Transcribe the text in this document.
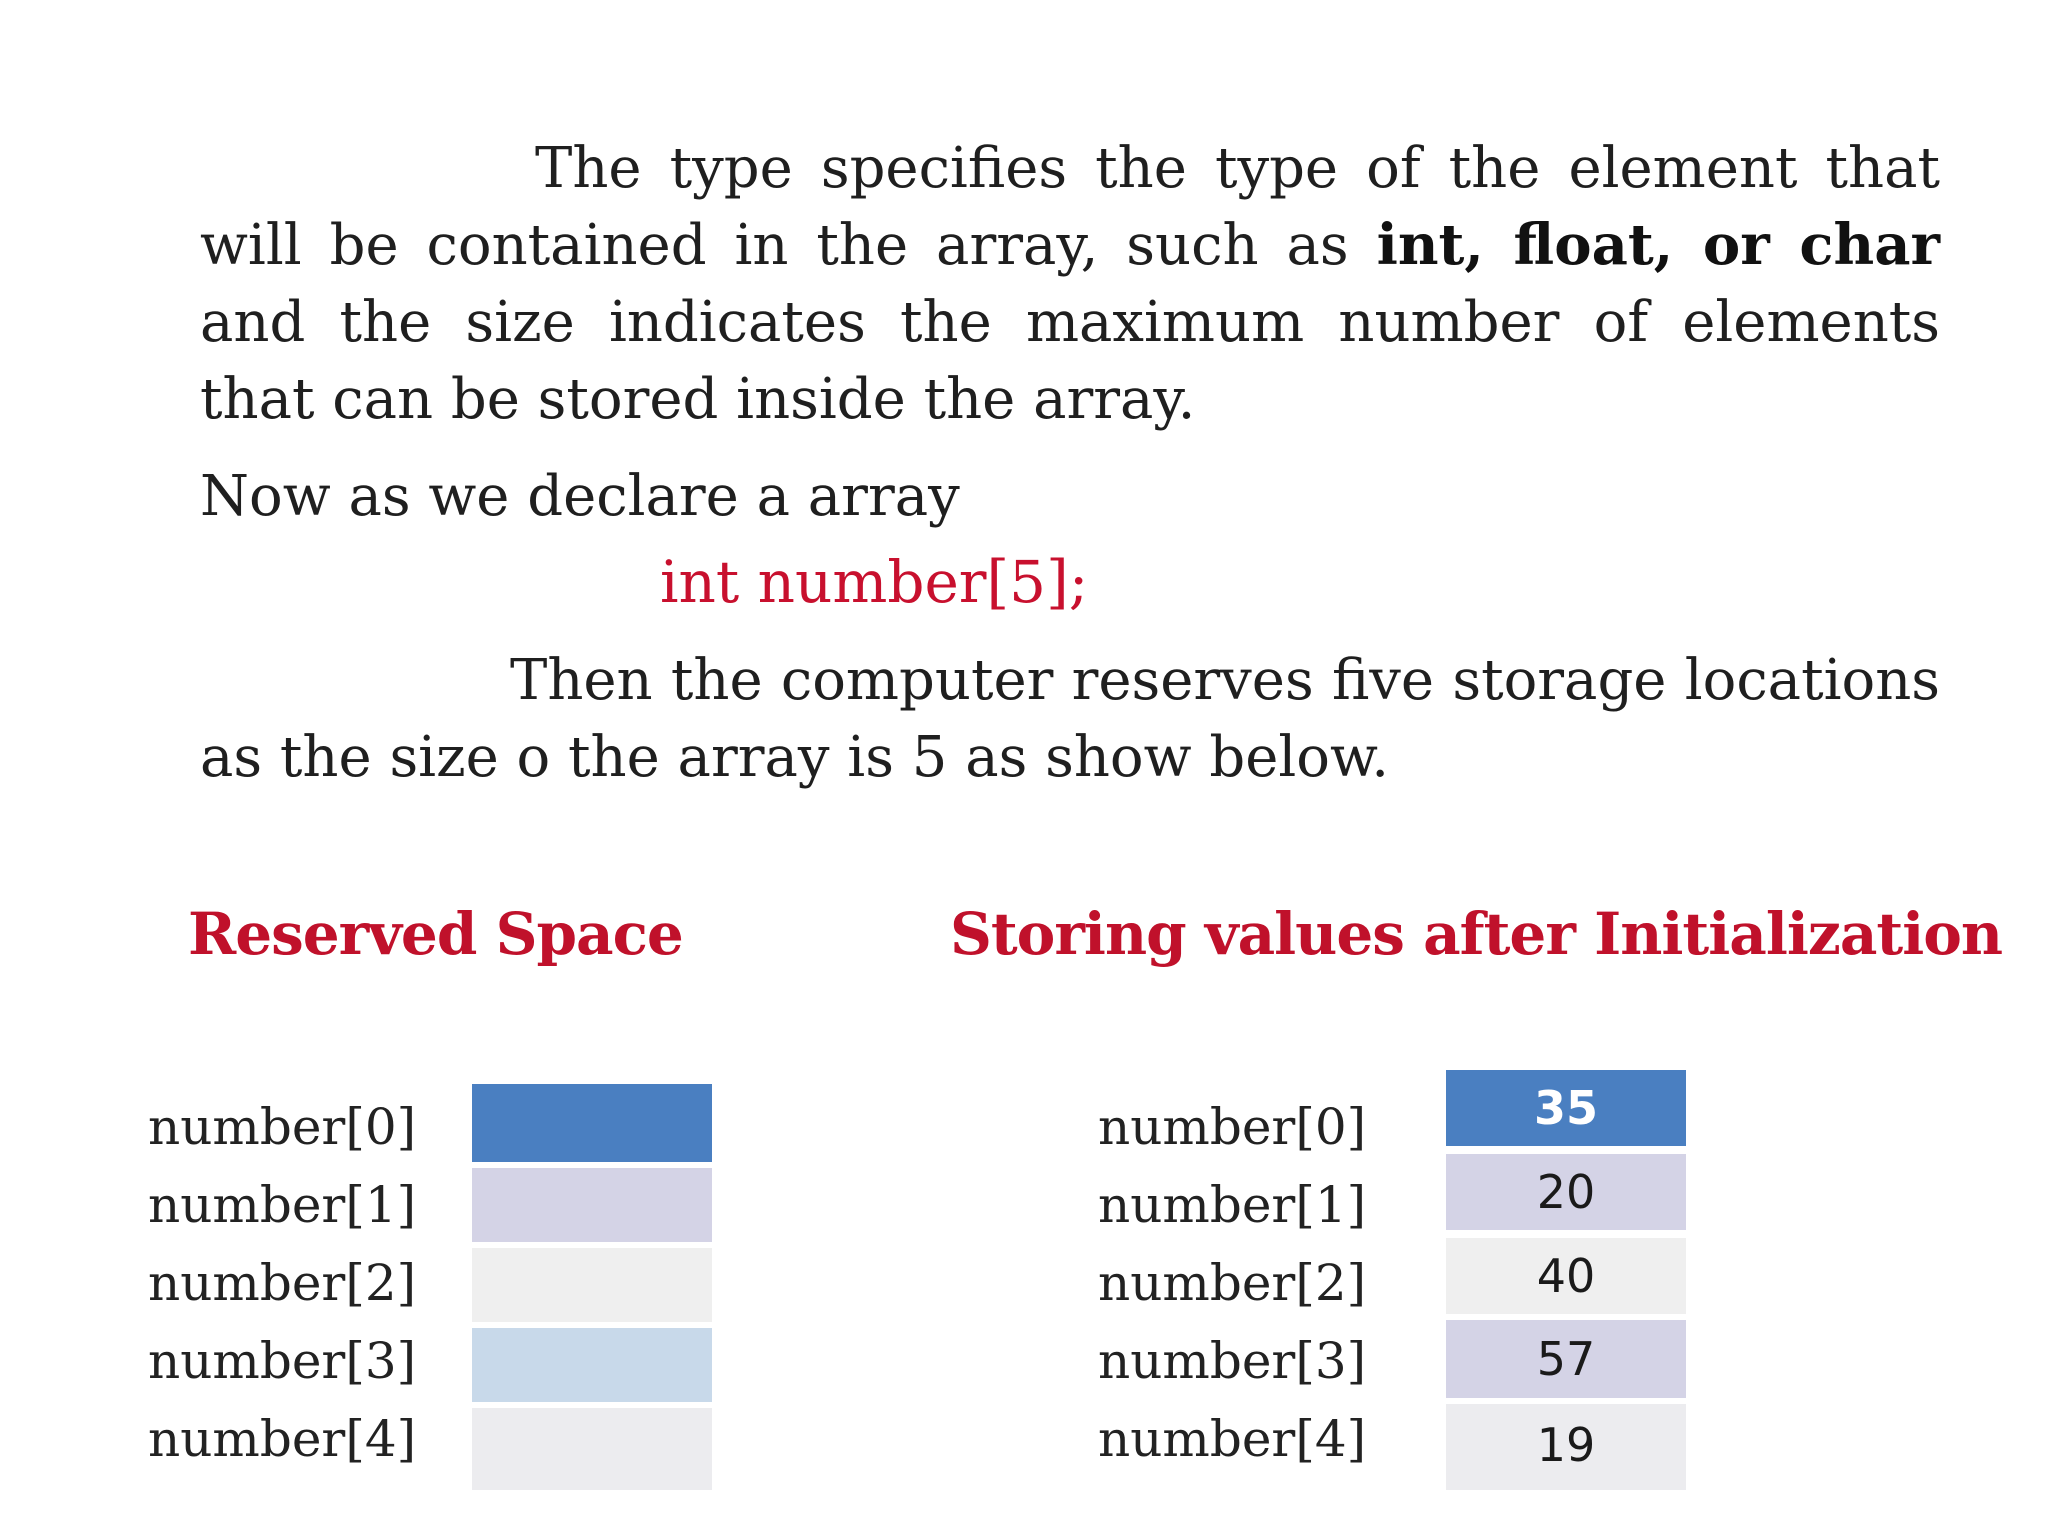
The type specifies the type of the element that will be contained in the array, such as int, float, or char and the size indicates the maximum number of elements that can be stored inside the array.

Now as we declare a array

int number[5];

Then the computer reserves five storage locations as the size o the array is 5 as show below.

Reserved Space	Storing values after Initialization
number[0]
number[1]
number[2]
number[3]
number[4]
number[0]
number[1]
number[2]
number[3]
number[4]
35
20
40
57
19
